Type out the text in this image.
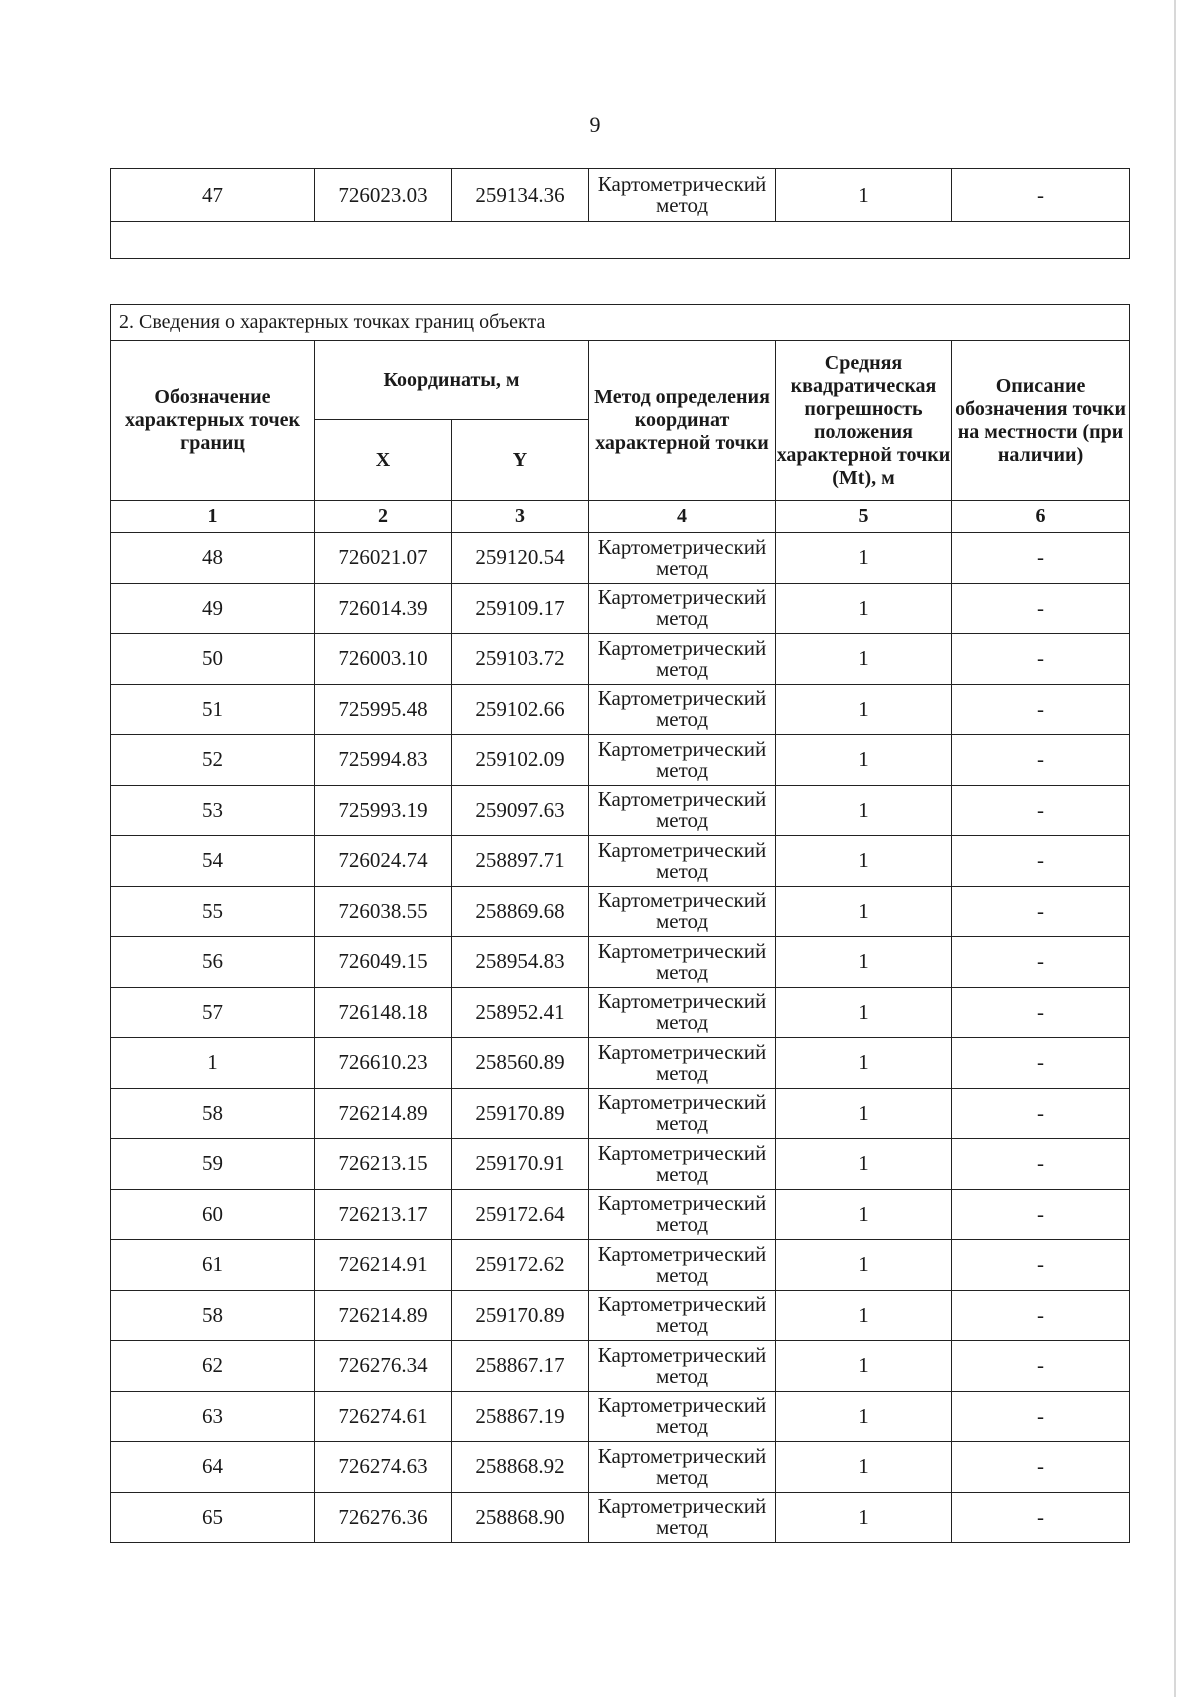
9
47	726023.03	259134.36	Картометрический метод	1	-

2. Сведения о характерных точках границ объекта					
Обозначение характерных точек границ	Координаты, м		Метод определения координат характерной точки	Средняя квадратическая погрешность положения характерной точки (Mt), м	Описание обозначения точки на местности (при наличии)
	X	Y			
1	2	3	4	5	6
48	726021.07	259120.54	Картометрический метод	1	-
49	726014.39	259109.17	Картометрический метод	1	-
50	726003.10	259103.72	Картометрический метод	1	-
51	725995.48	259102.66	Картометрический метод	1	-
52	725994.83	259102.09	Картометрический метод	1	-
53	725993.19	259097.63	Картометрический метод	1	-
54	726024.74	258897.71	Картометрический метод	1	-
55	726038.55	258869.68	Картометрический метод	1	-
56	726049.15	258954.83	Картометрический метод	1	-
57	726148.18	258952.41	Картометрический метод	1	-
1	726610.23	258560.89	Картометрический метод	1	-
58	726214.89	259170.89	Картометрический метод	1	-
59	726213.15	259170.91	Картометрический метод	1	-
60	726213.17	259172.64	Картометрический метод	1	-
61	726214.91	259172.62	Картометрический метод	1	-
58	726214.89	259170.89	Картометрический метод	1	-
62	726276.34	258867.17	Картометрический метод	1	-
63	726274.61	258867.19	Картометрический метод	1	-
64	726274.63	258868.92	Картометрический метод	1	-
65	726276.36	258868.90	Картометрический метод	1	-
